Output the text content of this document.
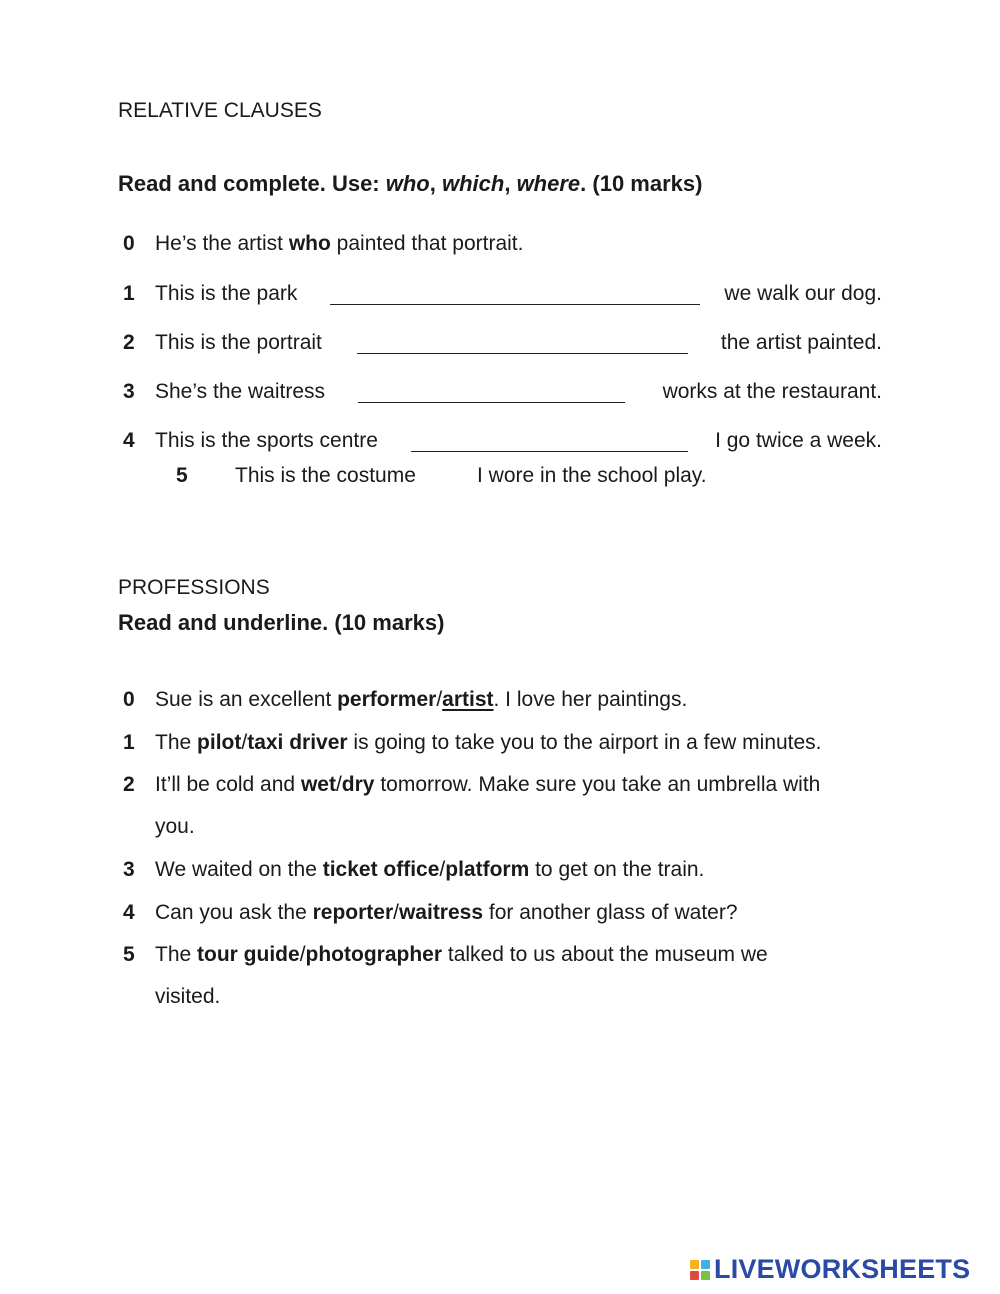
RELATIVE CLAUSES
Read and complete. Use: who, which, where. (10 marks)
0 He’s the artist who painted that portrait.
1 This is the park	we walk our dog.
2 This is the portrait	the artist painted.
3 She’s the waitress	works at the restaurant.
4 This is the sports centre	I go twice a week.
5	This is the costume	I wore in the school play.
PROFESSIONS
Read and underline. (10 marks)
0 Sue is an excellent performer/artist. I love her paintings.
1 The pilot/taxi driver is going to take you to the airport in a few minutes.
2 It’ll be cold and wet/dry tomorrow. Make sure you take an umbrella with
you.
3 We waited on the ticket office/platform to get on the train.
4 Can you ask the reporter/waitress for another glass of water?
5 The tour guide/photographer talked to us about the museum we
visited.
LIVEWORKSHEETS
